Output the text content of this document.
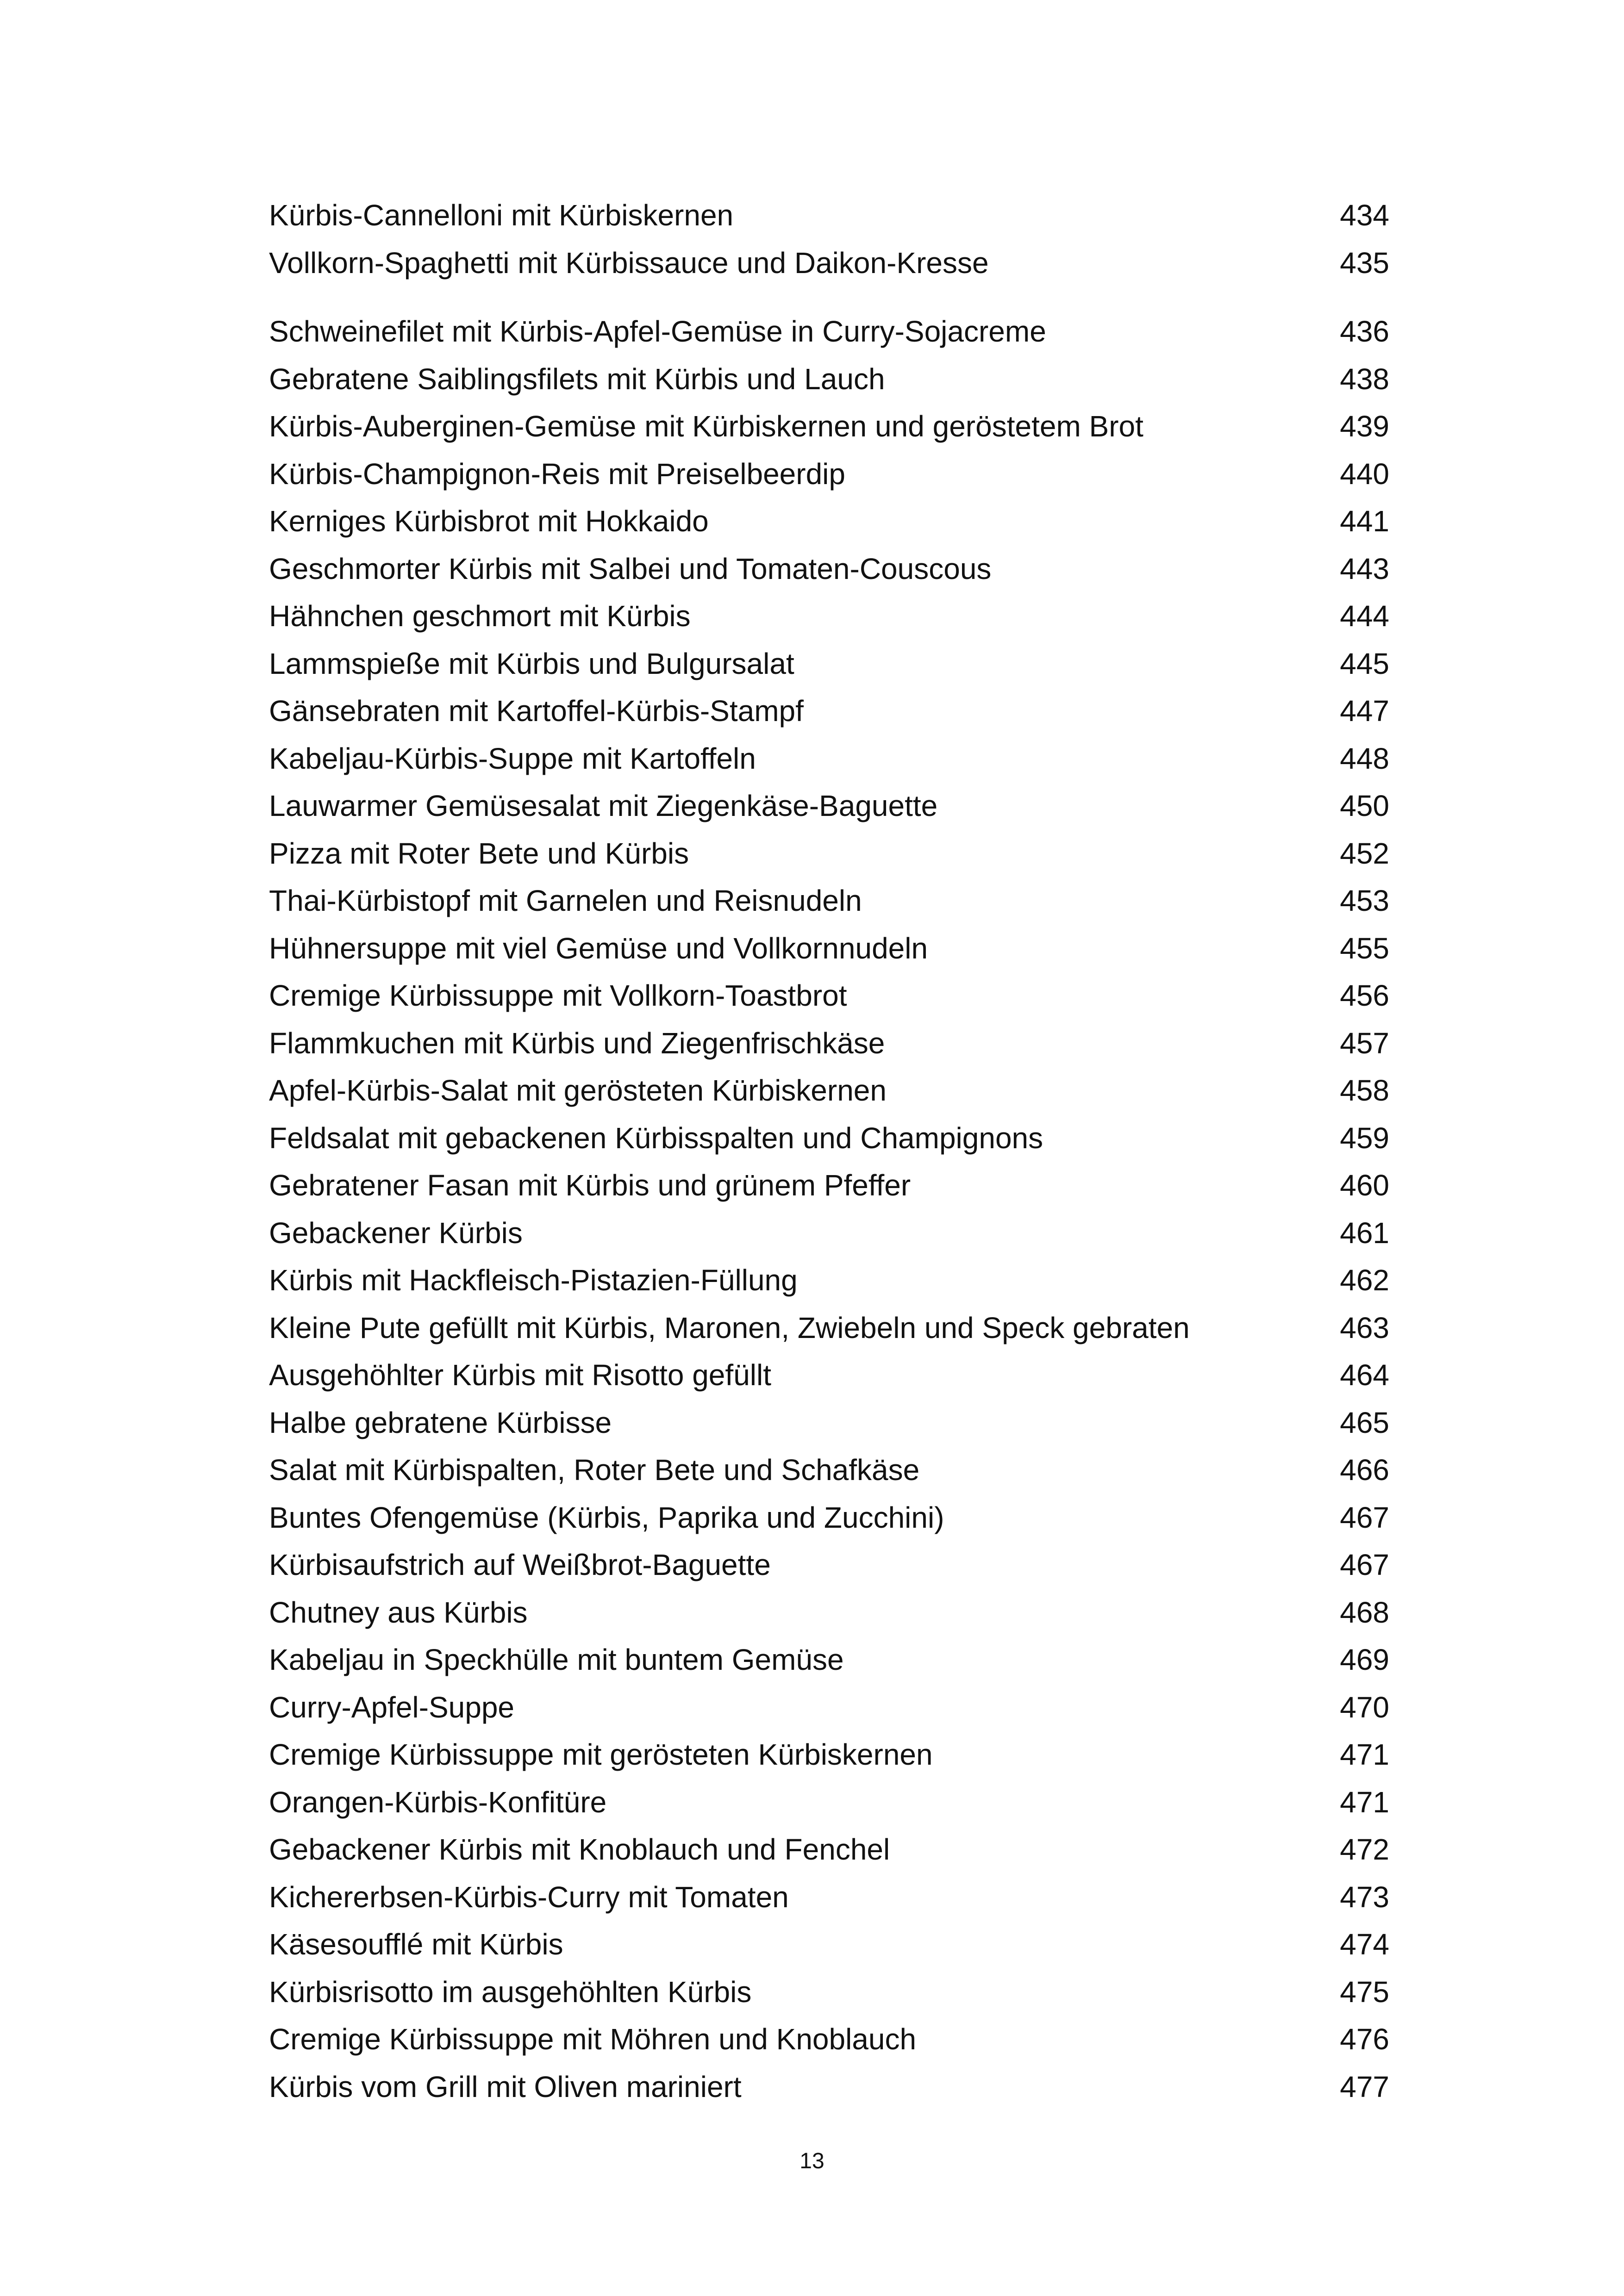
Kürbis-Cannelloni mit Kürbiskernen	434
Vollkorn-Spaghetti mit Kürbissauce und Daikon-Kresse	435
Schweinefilet mit Kürbis-Apfel-Gemüse in Curry-Sojacreme	436
Gebratene Saiblingsfilets mit Kürbis und Lauch	438
Kürbis-Auberginen-Gemüse mit Kürbiskernen und geröstetem Brot	439
Kürbis-Champignon-Reis mit Preiselbeerdip	440
Kerniges Kürbisbrot mit Hokkaido	441
Geschmorter Kürbis mit Salbei und Tomaten-Couscous	443
Hähnchen geschmort mit Kürbis	444
Lammspieße mit Kürbis und Bulgursalat	445
Gänsebraten mit Kartoffel-Kürbis-Stampf	447
Kabeljau-Kürbis-Suppe mit Kartoffeln	448
Lauwarmer Gemüsesalat mit Ziegenkäse-Baguette	450
Pizza mit Roter Bete und Kürbis	452
Thai-Kürbistopf mit Garnelen und Reisnudeln	453
Hühnersuppe mit viel Gemüse und Vollkornnudeln	455
Cremige Kürbissuppe mit Vollkorn-Toastbrot	456
Flammkuchen mit Kürbis und Ziegenfrischkäse	457
Apfel-Kürbis-Salat mit gerösteten Kürbiskernen	458
Feldsalat mit gebackenen Kürbisspalten und Champignons	459
Gebratener Fasan mit Kürbis und grünem Pfeffer	460
Gebackener Kürbis	461
Kürbis mit Hackfleisch-Pistazien-Füllung	462
Kleine Pute gefüllt mit Kürbis, Maronen, Zwiebeln und Speck gebraten	463
Ausgehöhlter Kürbis mit Risotto gefüllt	464
Halbe gebratene Kürbisse	465
Salat mit Kürbispalten, Roter Bete und Schafkäse	466
Buntes Ofengemüse (Kürbis, Paprika und Zucchini)	467
Kürbisaufstrich auf Weißbrot-Baguette	467
Chutney aus Kürbis	468
Kabeljau in Speckhülle mit buntem Gemüse	469
Curry-Apfel-Suppe	470
Cremige Kürbissuppe mit gerösteten Kürbiskernen	471
Orangen-Kürbis-Konfitüre	471
Gebackener Kürbis mit Knoblauch und Fenchel	472
Kichererbsen-Kürbis-Curry mit Tomaten	473
Käsesoufflé mit Kürbis	474
Kürbisrisotto im ausgehöhlten Kürbis	475
Cremige Kürbissuppe mit Möhren und Knoblauch	476
Kürbis vom Grill mit Oliven mariniert	477
13
